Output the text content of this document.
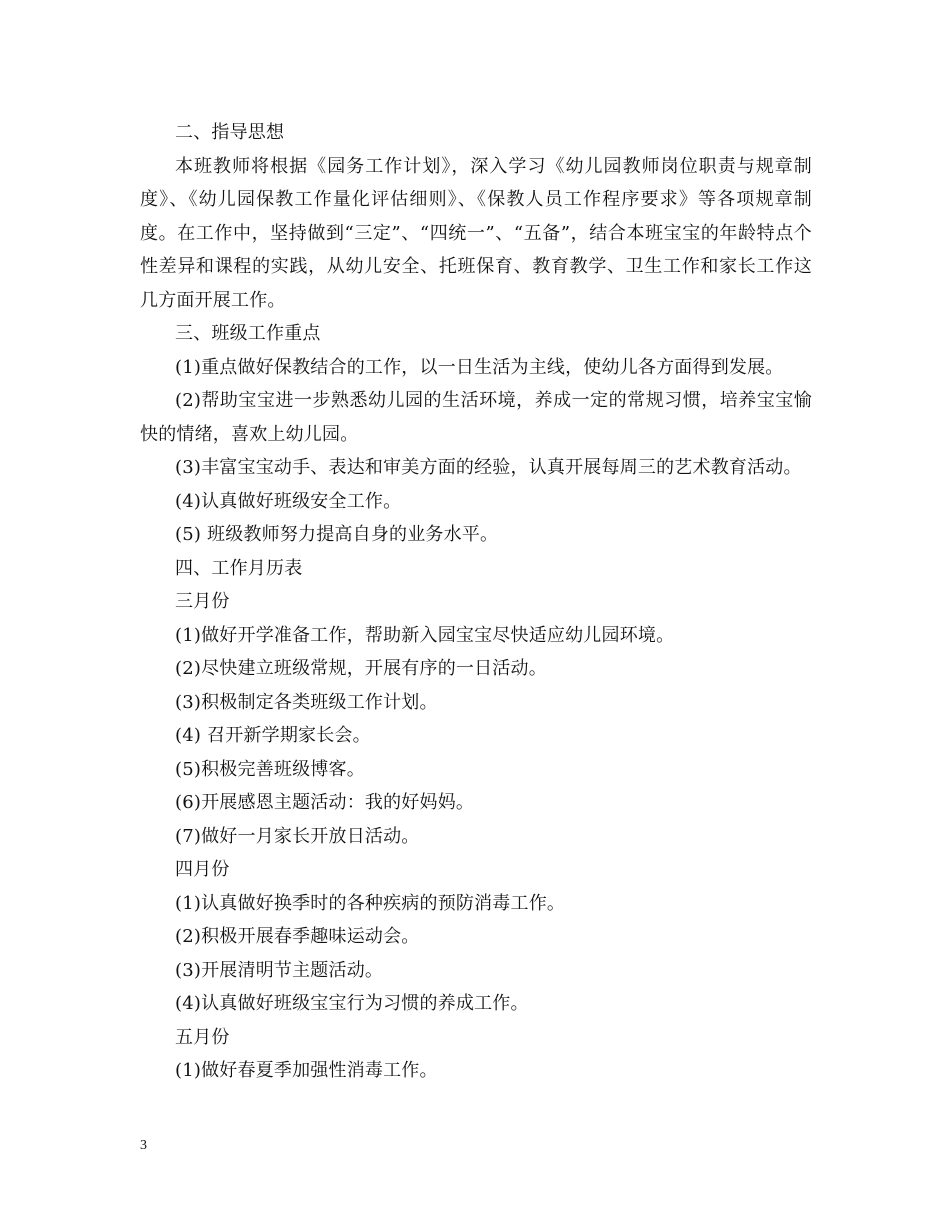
二、指导思想

本班教师将根据《园务工作计划》，深入学习《幼儿园教师岗位职责与规章制度》、《幼儿园保教工作量化评估细则》、《保教人员工作程序要求》等各项规章制度。在工作中，坚持做到“三定”、“四统一”、“五备”，结合本班宝宝的年龄特点个性差异和课程的实践，从幼儿安全、托班保育、教育教学、卫生工作和家长工作这几方面开展工作。

三、班级工作重点

(1)重点做好保教结合的工作，以一日生活为主线，使幼儿各方面得到发展。

(2)帮助宝宝进一步熟悉幼儿园的生活环境，养成一定的常规习惯，培养宝宝愉快的情绪，喜欢上幼儿园。

(3)丰富宝宝动手、表达和审美方面的经验，认真开展每周三的艺术教育活动。

(4)认真做好班级安全工作。

(5) 班级教师努力提高自身的业务水平。

四、工作月历表

三月份

(1)做好开学准备工作，帮助新入园宝宝尽快适应幼儿园环境。

(2)尽快建立班级常规，开展有序的一日活动。

(3)积极制定各类班级工作计划。

(4) 召开新学期家长会。

(5)积极完善班级博客。

(6)开展感恩主题活动：我的好妈妈。

(7)做好一月家长开放日活动。

四月份

(1)认真做好换季时的各种疾病的预防消毒工作。

(2)积极开展春季趣味运动会。

(3)开展清明节主题活动。

(4)认真做好班级宝宝行为习惯的养成工作。

五月份

(1)做好春夏季加强性消毒工作。

3
